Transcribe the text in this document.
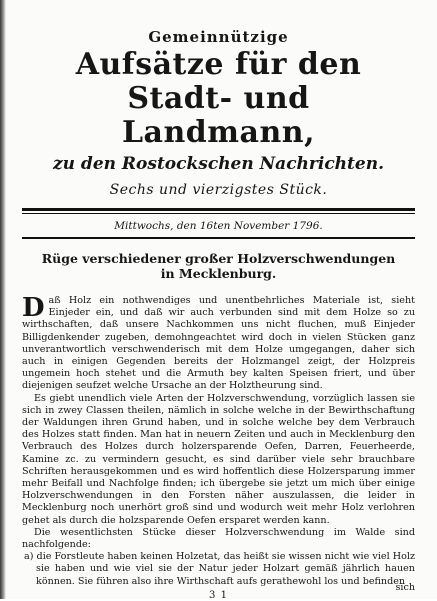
Gemeinnützige
Aufsätze für den Stadt- und
Landmann,
zu den Rostockschen Nachrichten.
Sechs und vierzigstes Stück.
Mittwochs, den 16ten November 1796.
Rüge verschiedener großer Holzverschwendungen in Mecklenburg.

Daß Holz ein nothwendiges und unentbehrliches Materiale ist, sieht Einjeder ein, und daß wir auch verbunden sind mit dem Holze so zu wirthschaften, daß unsere Nachkommen uns nicht fluchen, muß Einjeder Billigdenkender zugeben, demohngeachtet wird doch in vielen Stücken ganz unverantwortlich verschwenderisch mit dem Holze umgegangen, daher sich auch in einigen Gegenden bereits der Holzmangel zeigt, der Holzpreis ungemein hoch stehet und die Armuth bey kalten Speisen friert, und über diejenigen seufzet welche Ursache an der Holztheurung sind.

Es giebt unendlich viele Arten der Holzverschwendung, vorzüglich lassen sie sich in zwey Classen theilen, nämlich in solche welche in der Bewirthschaftung der Waldungen ihren Grund haben, und in solche welche bey dem Verbrauch des Holzes statt finden. Man hat in neuern Zeiten und auch in Mecklenburg den Verbrauch des Holzes durch holzersparende Oefen, Darren, Feuerheerde, Kamine zc. zu vermindern gesucht, es sind darüber viele sehr brauchbare Schriften herausgekommen und es wird hoffentlich diese Holzersparung immer mehr Beifall und Nachfolge finden; ich übergebe sie jetzt um mich über einige Holzverschwendungen in den Forsten näher auszulassen, die leider in Mecklenburg noch unerhört groß sind und wodurch weit mehr Holz verlohren gehet als durch die holzsparende Oefen ersparet werden kann.

Die wesentlichsten Stücke dieser Holzverschwendung im Walde sind nachfolgende:

a) die Forstleute haben keinen Holzetat, das heißt sie wissen nicht wie viel Holz sie haben und wie viel sie der Natur jeder Holzart gemäß jährlich hauen können. Sie führen also ihre Wirthschaft aufs gerathewohl los und befinden

3 1
sich
